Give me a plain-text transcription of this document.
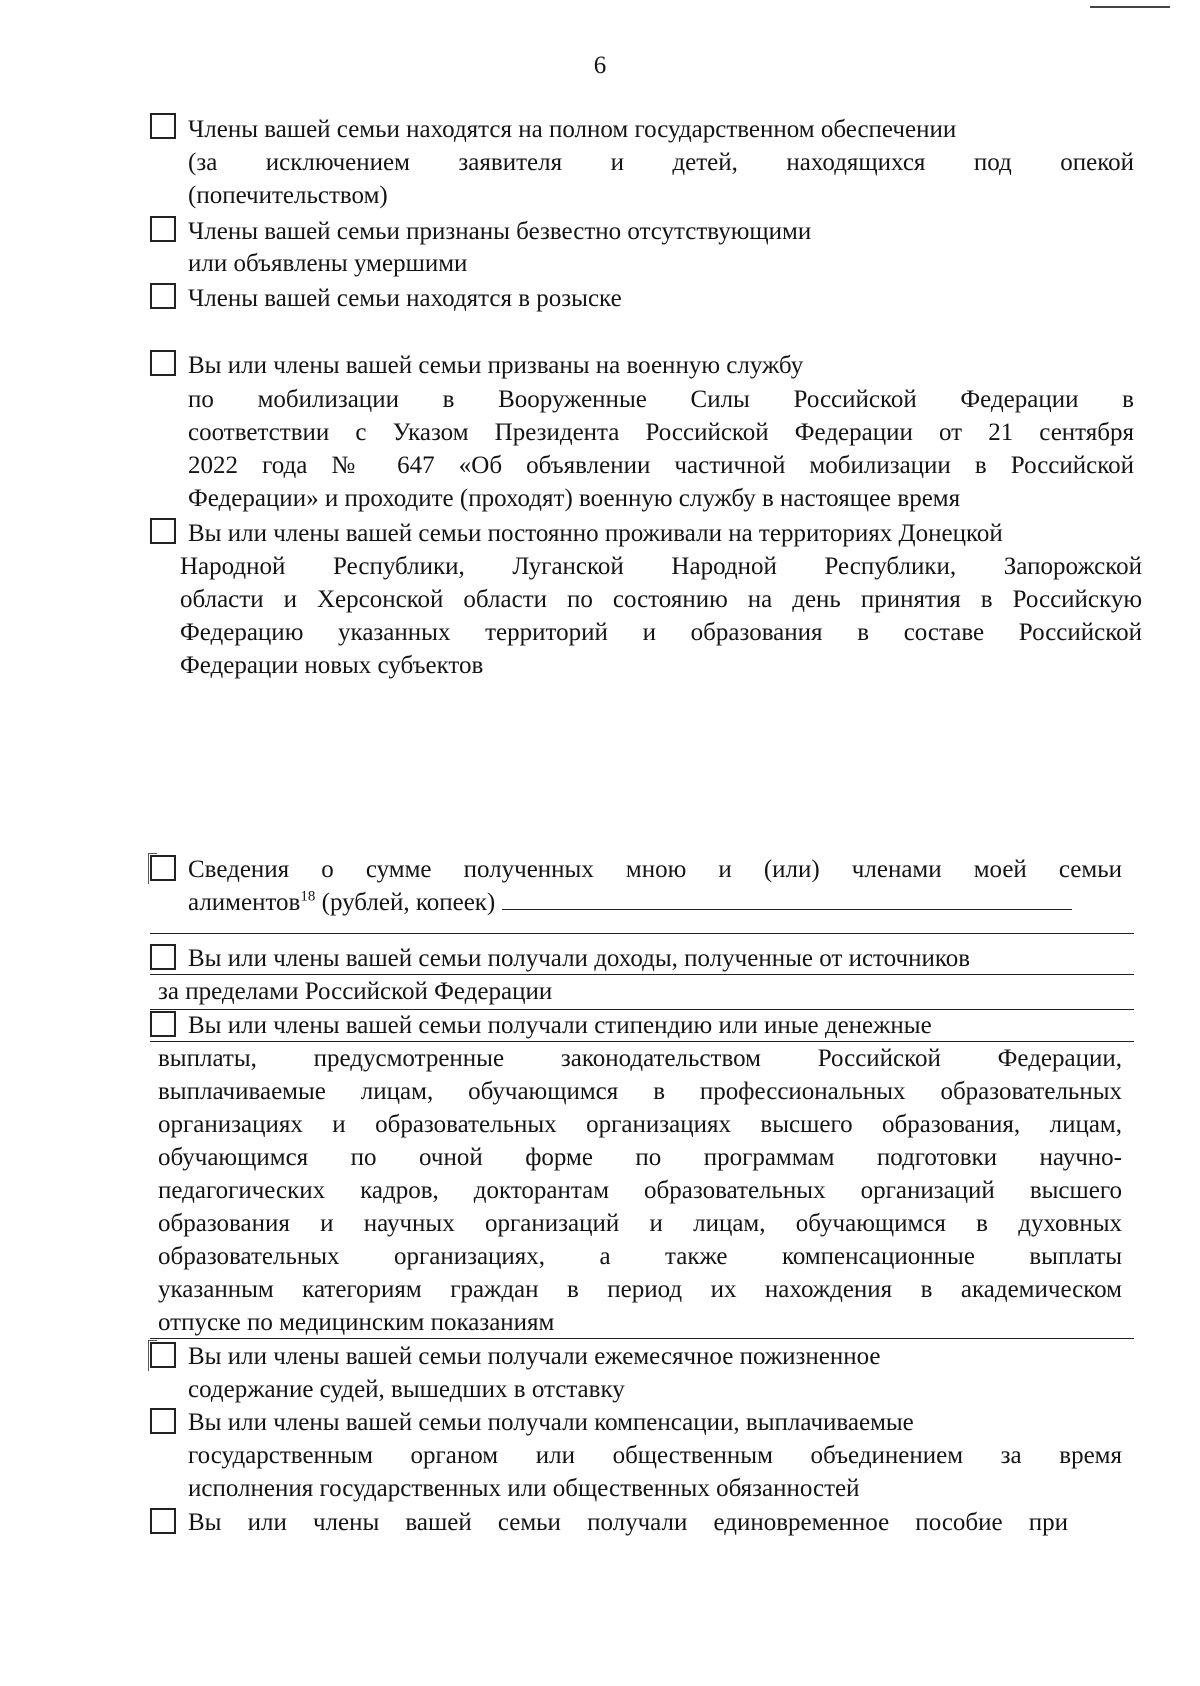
6
Члены вашей семьи находятся на полном государственном обеспечении
(за исключением заявителя и детей, находящихся под опекой
(попечительством)
Члены вашей семьи признаны безвестно отсутствующими
или объявлены умершими
Члены вашей семьи находятся в розыске
Вы или члены вашей семьи призваны на военную службу
по мобилизации в Вооруженные Силы Российской Федерации в
соответствии с Указом Президента Российской Федерации от 21 сентября
2022 года № 647 «Об объявлении частичной мобилизации в Российской
Федерации» и проходите (проходят) военную службу в настоящее время
Вы или члены вашей семьи постоянно проживали на территориях Донецкой
Народной Республики, Луганской Народной Республики, Запорожской
области и Херсонской области по состоянию на день принятия в Российскую
Федерацию указанных территорий и образования в составе Российской
Федерации новых субъектов
Сведения о сумме полученных мною и (или) членами моей семьи
алиментов$^{18}$ (рублей, копеек)
Вы или члены вашей семьи получали доходы, полученные от источников
за пределами Российской Федерации
Вы или члены вашей семьи получали стипендию или иные денежные
выплаты, предусмотренные законодательством Российской Федерации,
выплачиваемые лицам, обучающимся в профессиональных образовательных
организациях и образовательных организациях высшего образования, лицам,
обучающимся по очной форме по программам подготовки научно-
педагогических кадров, докторантам образовательных организаций высшего
образования и научных организаций и лицам, обучающимся в духовных
образовательных организациях, а также компенсационные выплаты
указанным категориям граждан в период их нахождения в академическом
отпуске по медицинским показаниям
Вы или члены вашей семьи получали ежемесячное пожизненное
содержание судей, вышедших в отставку
Вы или члены вашей семьи получали компенсации, выплачиваемые
государственным органом или общественным объединением за время
исполнения государственных или общественных обязанностей
Вы или члены вашей семьи получали единовременное пособие при
